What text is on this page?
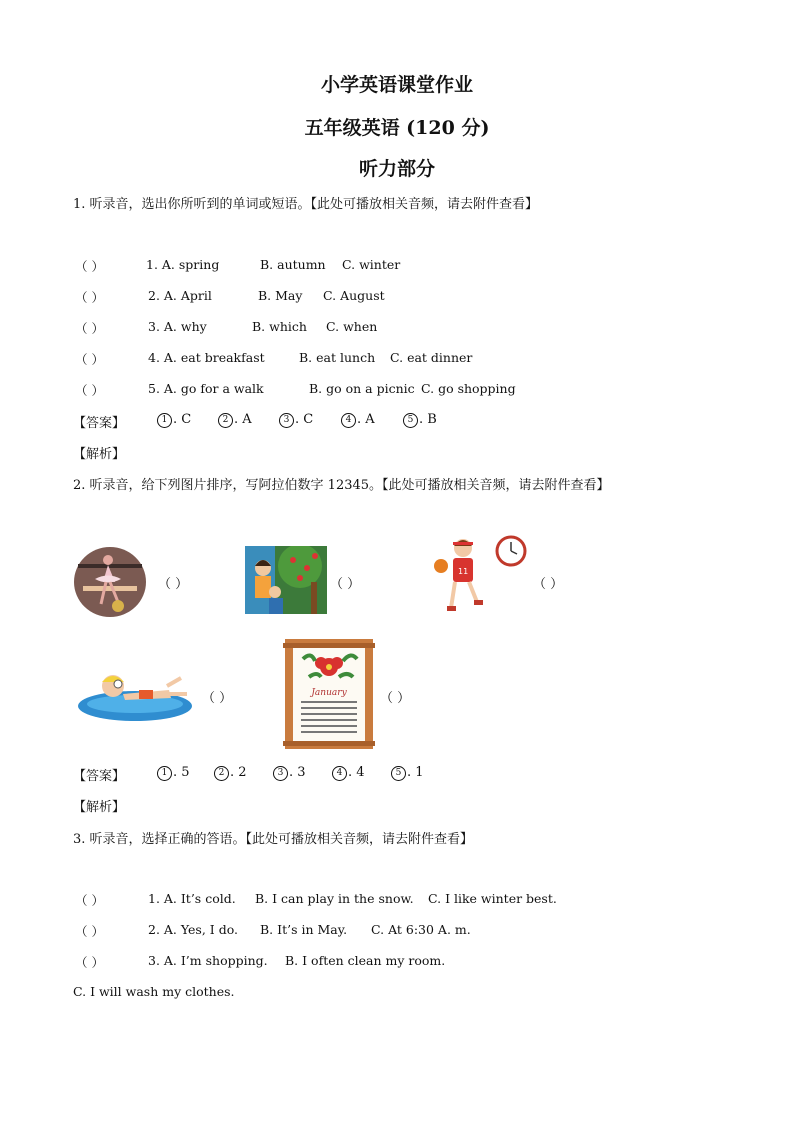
小学英语课堂作业
五年级英语 (120 分)
听力部分
1. 听录音，选出你所听到的单词或短语。【此处可播放相关音频，请去附件查看】
（ ）	1. A. spring	B. autumn C. winter
（ ）	2. A. April	B. May C. August
（ ）	3. A. why	B. which C. when
（ ）	4. A. eat breakfast	B. eat lunch C. eat dinner
（ ）	5. A. go for a walk	B. go on a picnic C. go shopping
【答案】	1 . C	2 . A	3 . C	4 . A	5 . B
【解析】
2. 听录音，给下列图片排序，写阿拉伯数字 12345。【此处可播放相关音频，请去附件查看】
（ ）	（ ）
11
（ ）
（ ）	January	（ ）
【答案】	1 . 5	2 . 2	3 . 3	4 . 4	5 . 1
【解析】
3. 听录音，选择正确的答语。【此处可播放相关音频，请去附件查看】
（ ）	1. A. It’s cold. B. I can play in the snow. C. I like winter best.
（ ）	2. A. Yes, I do. B. It’s in May. C. At 6:30 A. m.
（ ）	3. A. I’m shopping. B. I often clean my room.
C. I will wash my clothes.
